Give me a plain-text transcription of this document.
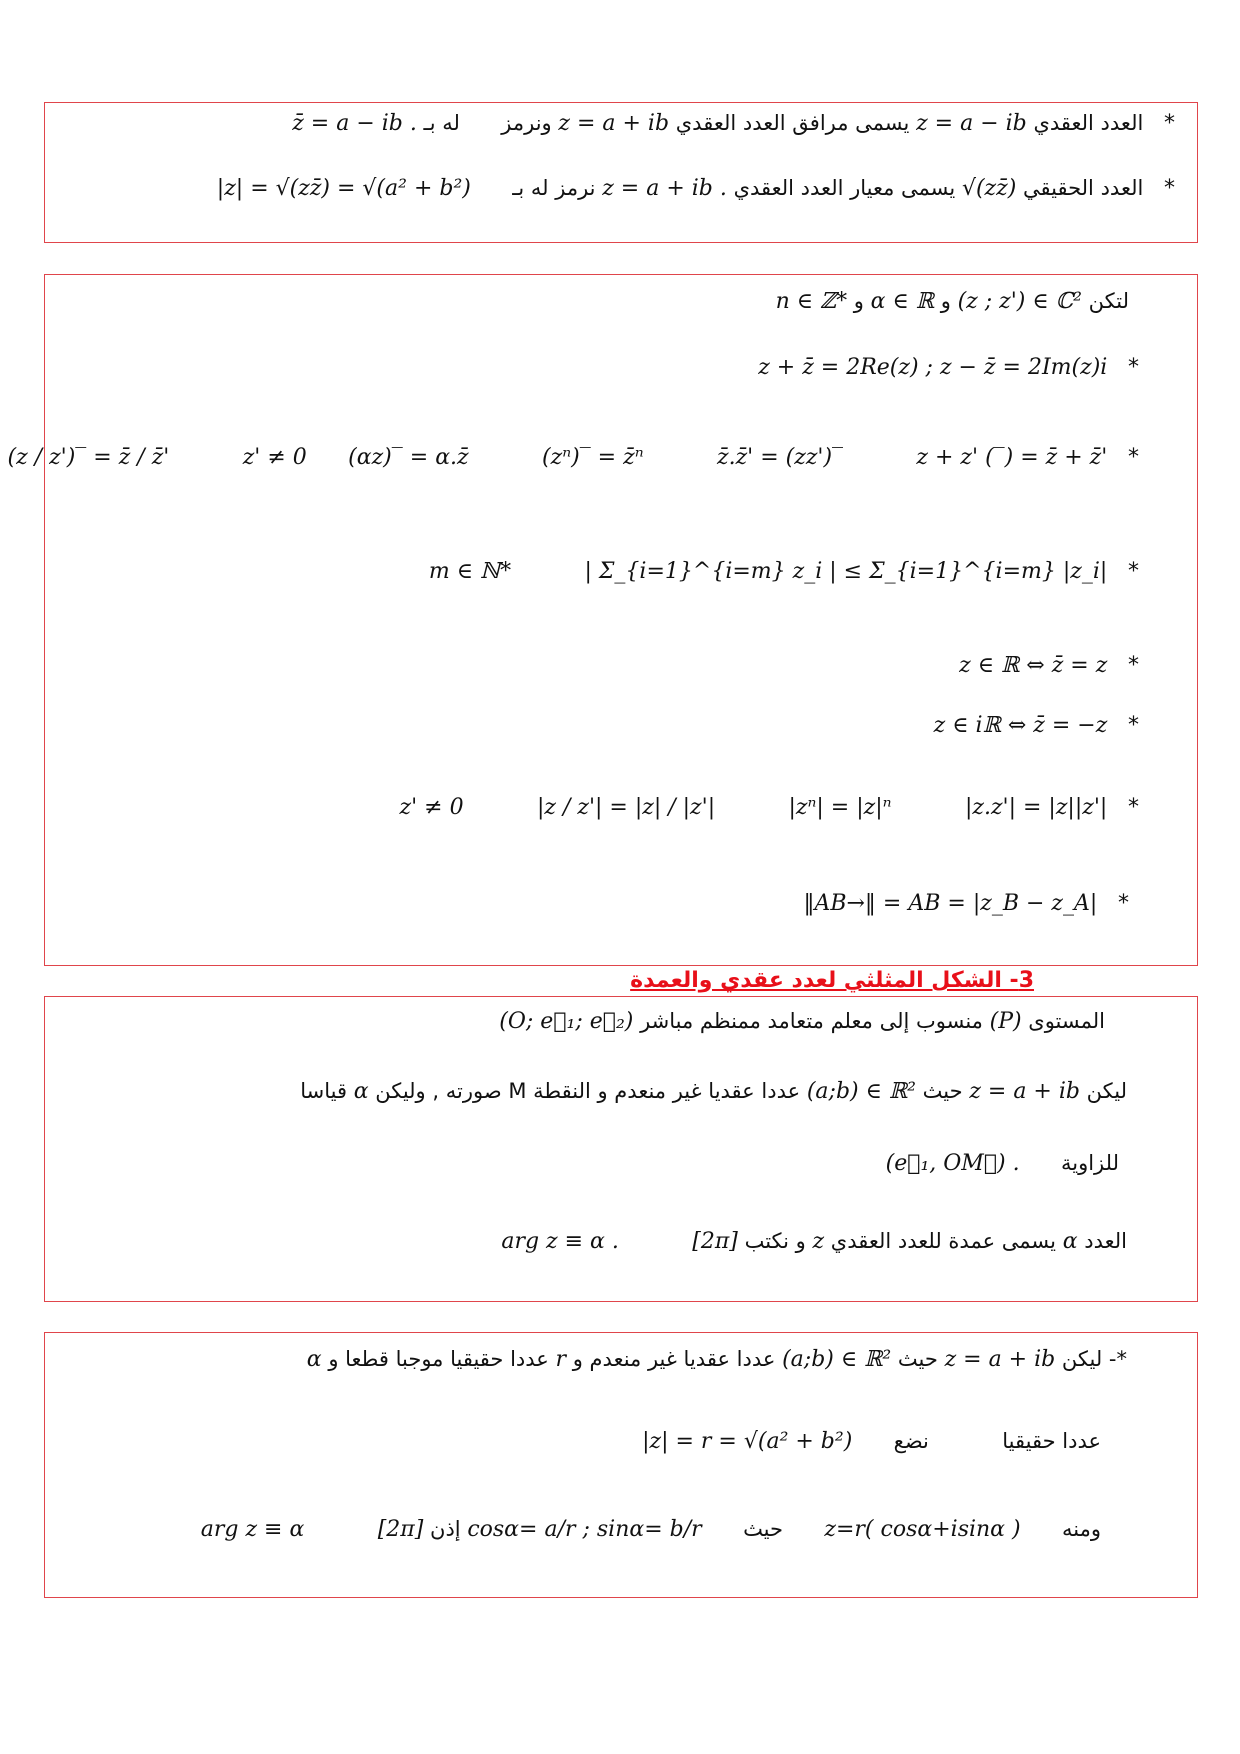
* العدد العقدي z = a − ib يسمى مرافق العدد العقدي z = a + ib ونرمز  له بـ z̄ = a − ib .
* العدد الحقيقي √(zz̄) يسمى معيار العدد العقدي z = a + ib . نرمز له بـ  |z| = √(zz̄) = √(a² + b²)
لتكن (z ; z') ∈ ℂ² و α ∈ ℝ و n ∈ ℤ*
* z + z̄ = 2Re(z) ; z − z̄ = 2Im(z)i
* z + z' (‾) = z̄ + z̄'  z̄.z̄' = (zz')‾  (zⁿ)‾ = z̄ⁿ  (αz)‾ = α.z̄  z' ≠ 0  (z / z')‾ = z̄ / z̄'
* | Σ_{i=1}^{i=m} z_i | ≤ Σ_{i=1}^{i=m} |z_i|  m ∈ ℕ*
* z ∈ ℝ ⇔ z̄ = z
* z ∈ iℝ ⇔ z̄ = −z
* |z.z'| = |z||z'|  |zⁿ| = |z|ⁿ  |z / z'| = |z| / |z'|  z' ≠ 0
* ‖AB→‖ = AB = |z_B − z_A|
3- الشكل المثلثي لعدد عقدي والعمدة
المستوى (P) منسوب إلى معلم متعامد ممنظم مباشر (O; e⃗₁; e⃗₂)
ليكن z = a + ib حيث (a;b) ∈ ℝ² عددا عقديا غير منعدم و النقطة M صورته , وليكن α قياسا
للزاوية  (e⃗₁, OM⃗) .
العدد α يسمى عمدة للعدد العقدي z و نكتب [2π]  arg z ≡ α .
*- ليكن z = a + ib حيث (a;b) ∈ ℝ² عددا عقديا غير منعدم و r عددا حقيقيا موجبا قطعا و α
عددا حقيقيا  نضع  |z| = r = √(a² + b²)
ومنه  z=r( cosα+isinα )  حيث  cosα= a/r ; sinα= b/r إذن [2π]  arg z ≡ α
